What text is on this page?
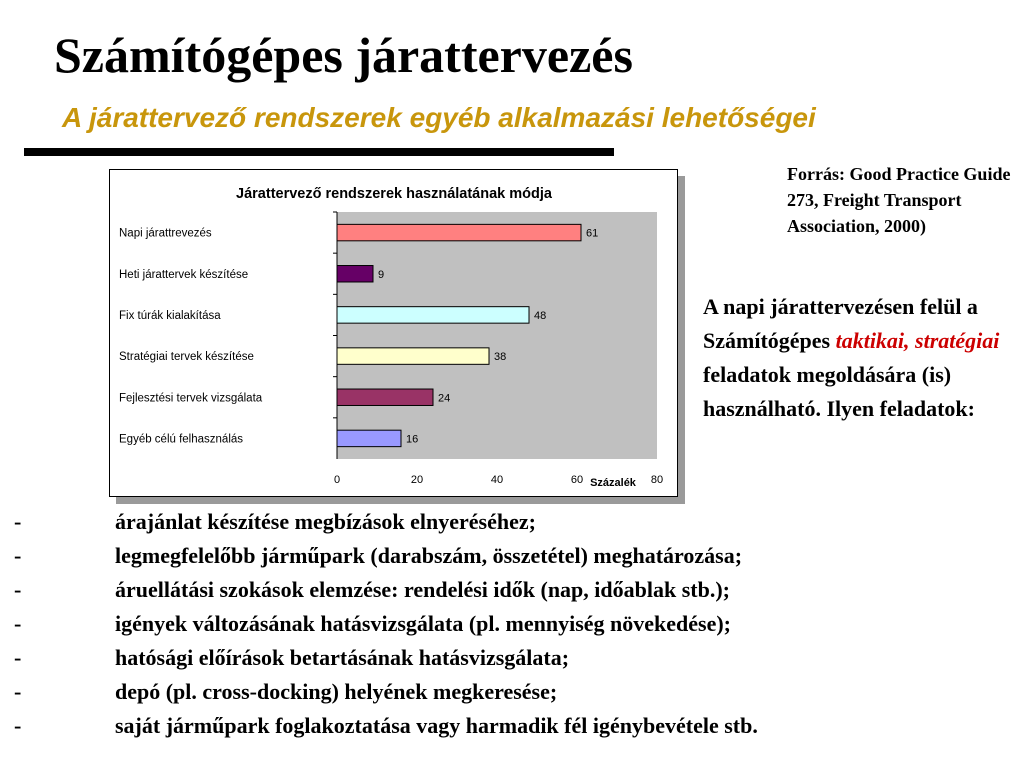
Számítógépes járattervezés
A járattervező rendszerek egyéb alkalmazási lehetőségei
Járattervező rendszerek használatának módja
Napi járattrevezés	61
Heti járattervek készítése	9
Fix túrák kialakítása	48
Stratégiai tervek készítése	38
Fejlesztési tervek vizsgálata	24
Egyéb célú felhasználás	16
0	20	40	60	80
Százalék

Forrás: Good Practice Guide 273, Freight Transport Association, 2000)

A napi járattervezésen felül a Számítógépes taktikai, stratégiai feladatok megoldására (is) használható. Ilyen feladatok:

-	árajánlat készítése megbízások elnyeréséhez;
-	legmegfelelőbb járműpark (darabszám, összetétel) meghatározása;
-	áruellátási szokások elemzése: rendelési idők (nap, időablak stb.);
-	igények változásának hatásvizsgálata (pl. mennyiség növekedése);
-	hatósági előírások betartásának hatásvizsgálata;
-	depó (pl. cross-docking) helyének megkeresése;
-	saját járműpark foglakoztatása vagy harmadik fél igénybevétele stb.
